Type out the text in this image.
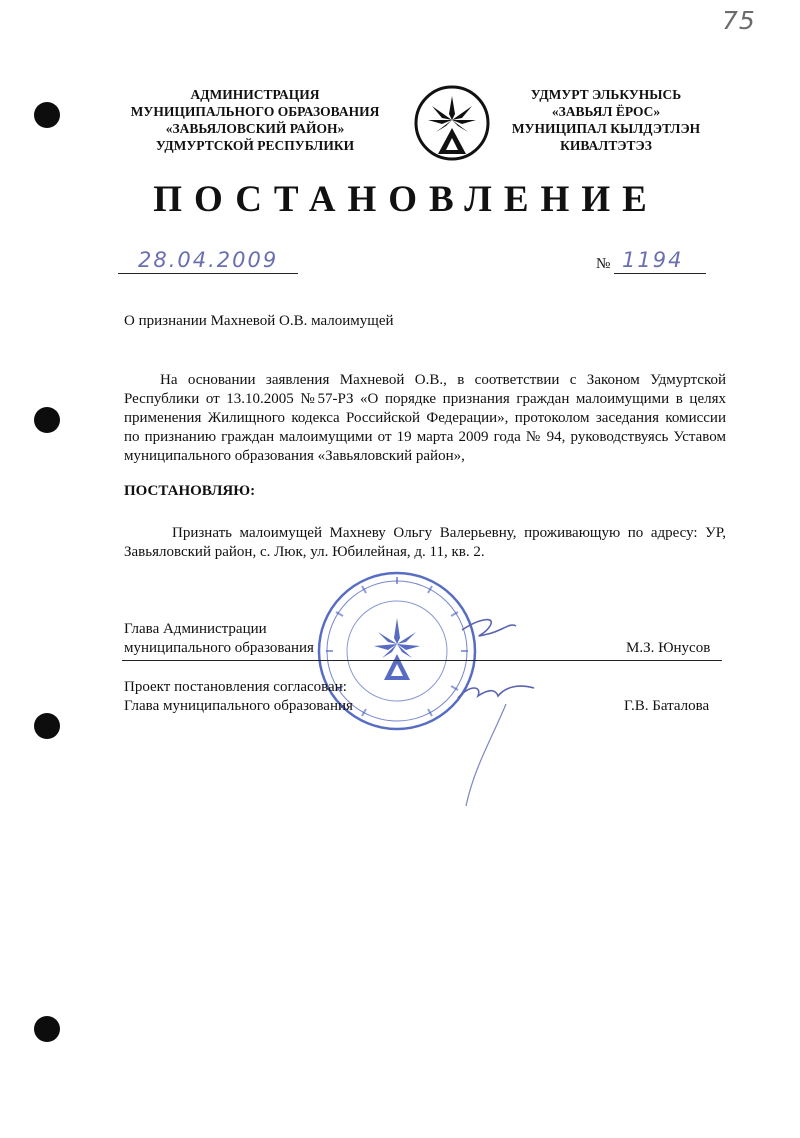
75
АДМИНИСТРАЦИЯ
МУНИЦИПАЛЬНОГО ОБРАЗОВАНИЯ
«ЗАВЬЯЛОВСКИЙ РАЙОН»
УДМУРТСКОЙ РЕСПУБЛИКИ
УДМУРТ ЭЛЬКУНЫСЬ
«ЗАВЬЯЛ ЁРОС»
МУНИЦИПАЛ КЫЛДЭТЛЭН
КИВАЛТЭТЭЗ
ПОСТАНОВЛЕНИЕ
28.04.2009	№ 1194
О признании Махневой О.В. малоимущей
На основании заявления Махневой О.В., в соответствии с Законом Удмуртской Республики от 13.10.2005 №57-РЗ «О порядке признания граждан малоимущими в целях применения Жилищного кодекса Российской Федерации», протоколом заседания комиссии по признанию граждан малоимущими от 19 марта 2009 года № 94, руководствуясь Уставом муниципального образования «Завьяловский район»,
ПОСТАНОВЛЯЮ:
Признать малоимущей Махневу Ольгу Валерьевну, проживающую по адресу: УР, Завьяловский район, с. Люк, ул. Юбилейная, д. 11, кв. 2.
Глава Администрации
муниципального образования	М.З. Юнусов
Проект постановления согласован:
Глава муниципального образования	Г.В. Баталова
